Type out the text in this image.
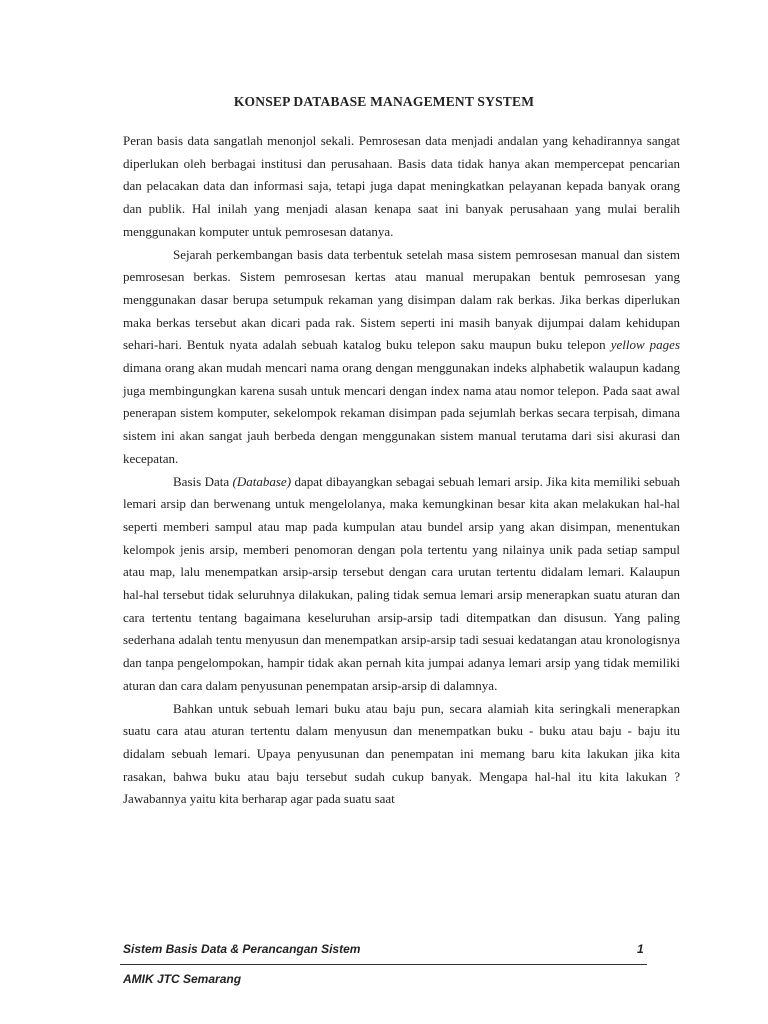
KONSEP DATABASE MANAGEMENT SYSTEM

Peran basis data sangatlah menonjol sekali. Pemrosesan data menjadi andalan yang kehadirannya sangat diperlukan oleh berbagai institusi dan perusahaan. Basis data tidak hanya akan mempercepat pencarian dan pelacakan data dan informasi saja, tetapi juga dapat meningkatkan pelayanan kepada banyak orang dan publik. Hal inilah yang menjadi alasan kenapa saat ini banyak perusahaan yang mulai beralih menggunakan komputer untuk pemrosesan datanya.

Sejarah perkembangan basis data terbentuk setelah masa sistem pemrosesan manual dan sistem pemrosesan berkas. Sistem pemrosesan kertas atau manual merupakan bentuk pemrosesan yang menggunakan dasar berupa setumpuk rekaman yang disimpan dalam rak berkas. Jika berkas diperlukan maka berkas tersebut akan dicari pada rak. Sistem seperti ini masih banyak dijumpai dalam kehidupan sehari-hari. Bentuk nyata adalah sebuah katalog buku telepon saku maupun buku telepon yellow pages dimana orang akan mudah mencari nama orang dengan menggunakan indeks alphabetik walaupun kadang juga membingungkan karena susah untuk mencari dengan index nama atau nomor telepon. Pada saat awal penerapan sistem komputer, sekelompok rekaman disimpan pada sejumlah berkas secara terpisah, dimana sistem ini akan sangat jauh berbeda dengan menggunakan sistem manual terutama dari sisi akurasi dan kecepatan.

Basis Data (Database) dapat dibayangkan sebagai sebuah lemari arsip. Jika kita memiliki sebuah lemari arsip dan berwenang untuk mengelolanya, maka kemungkinan besar kita akan melakukan hal-hal seperti memberi sampul atau map pada kumpulan atau bundel arsip yang akan disimpan, menentukan kelompok jenis arsip, memberi penomoran dengan pola tertentu yang nilainya unik pada setiap sampul atau map, lalu menempatkan arsip-arsip tersebut dengan cara urutan tertentu didalam lemari. Kalaupun hal-hal tersebut tidak seluruhnya dilakukan, paling tidak semua lemari arsip menerapkan suatu aturan dan cara tertentu tentang bagaimana keseluruhan arsip-arsip tadi ditempatkan dan disusun. Yang paling sederhana adalah tentu menyusun dan menempatkan arsip-arsip tadi sesuai kedatangan atau kronologisnya dan tanpa pengelompokan, hampir tidak akan pernah kita jumpai adanya lemari arsip yang tidak memiliki aturan dan cara dalam penyusunan penempatan arsip-arsip di dalamnya.

Bahkan untuk sebuah lemari buku atau baju pun, secara alamiah kita seringkali menerapkan suatu cara atau aturan tertentu dalam menyusun dan menempatkan buku - buku atau baju - baju itu didalam sebuah lemari. Upaya penyusunan dan penempatan ini memang baru kita lakukan jika kita rasakan, bahwa buku atau baju tersebut sudah cukup banyak. Mengapa hal-hal itu kita lakukan ? Jawabannya yaitu kita berharap agar pada suatu saat

Sistem Basis Data & Perancangan Sistem	1
AMIK JTC Semarang
